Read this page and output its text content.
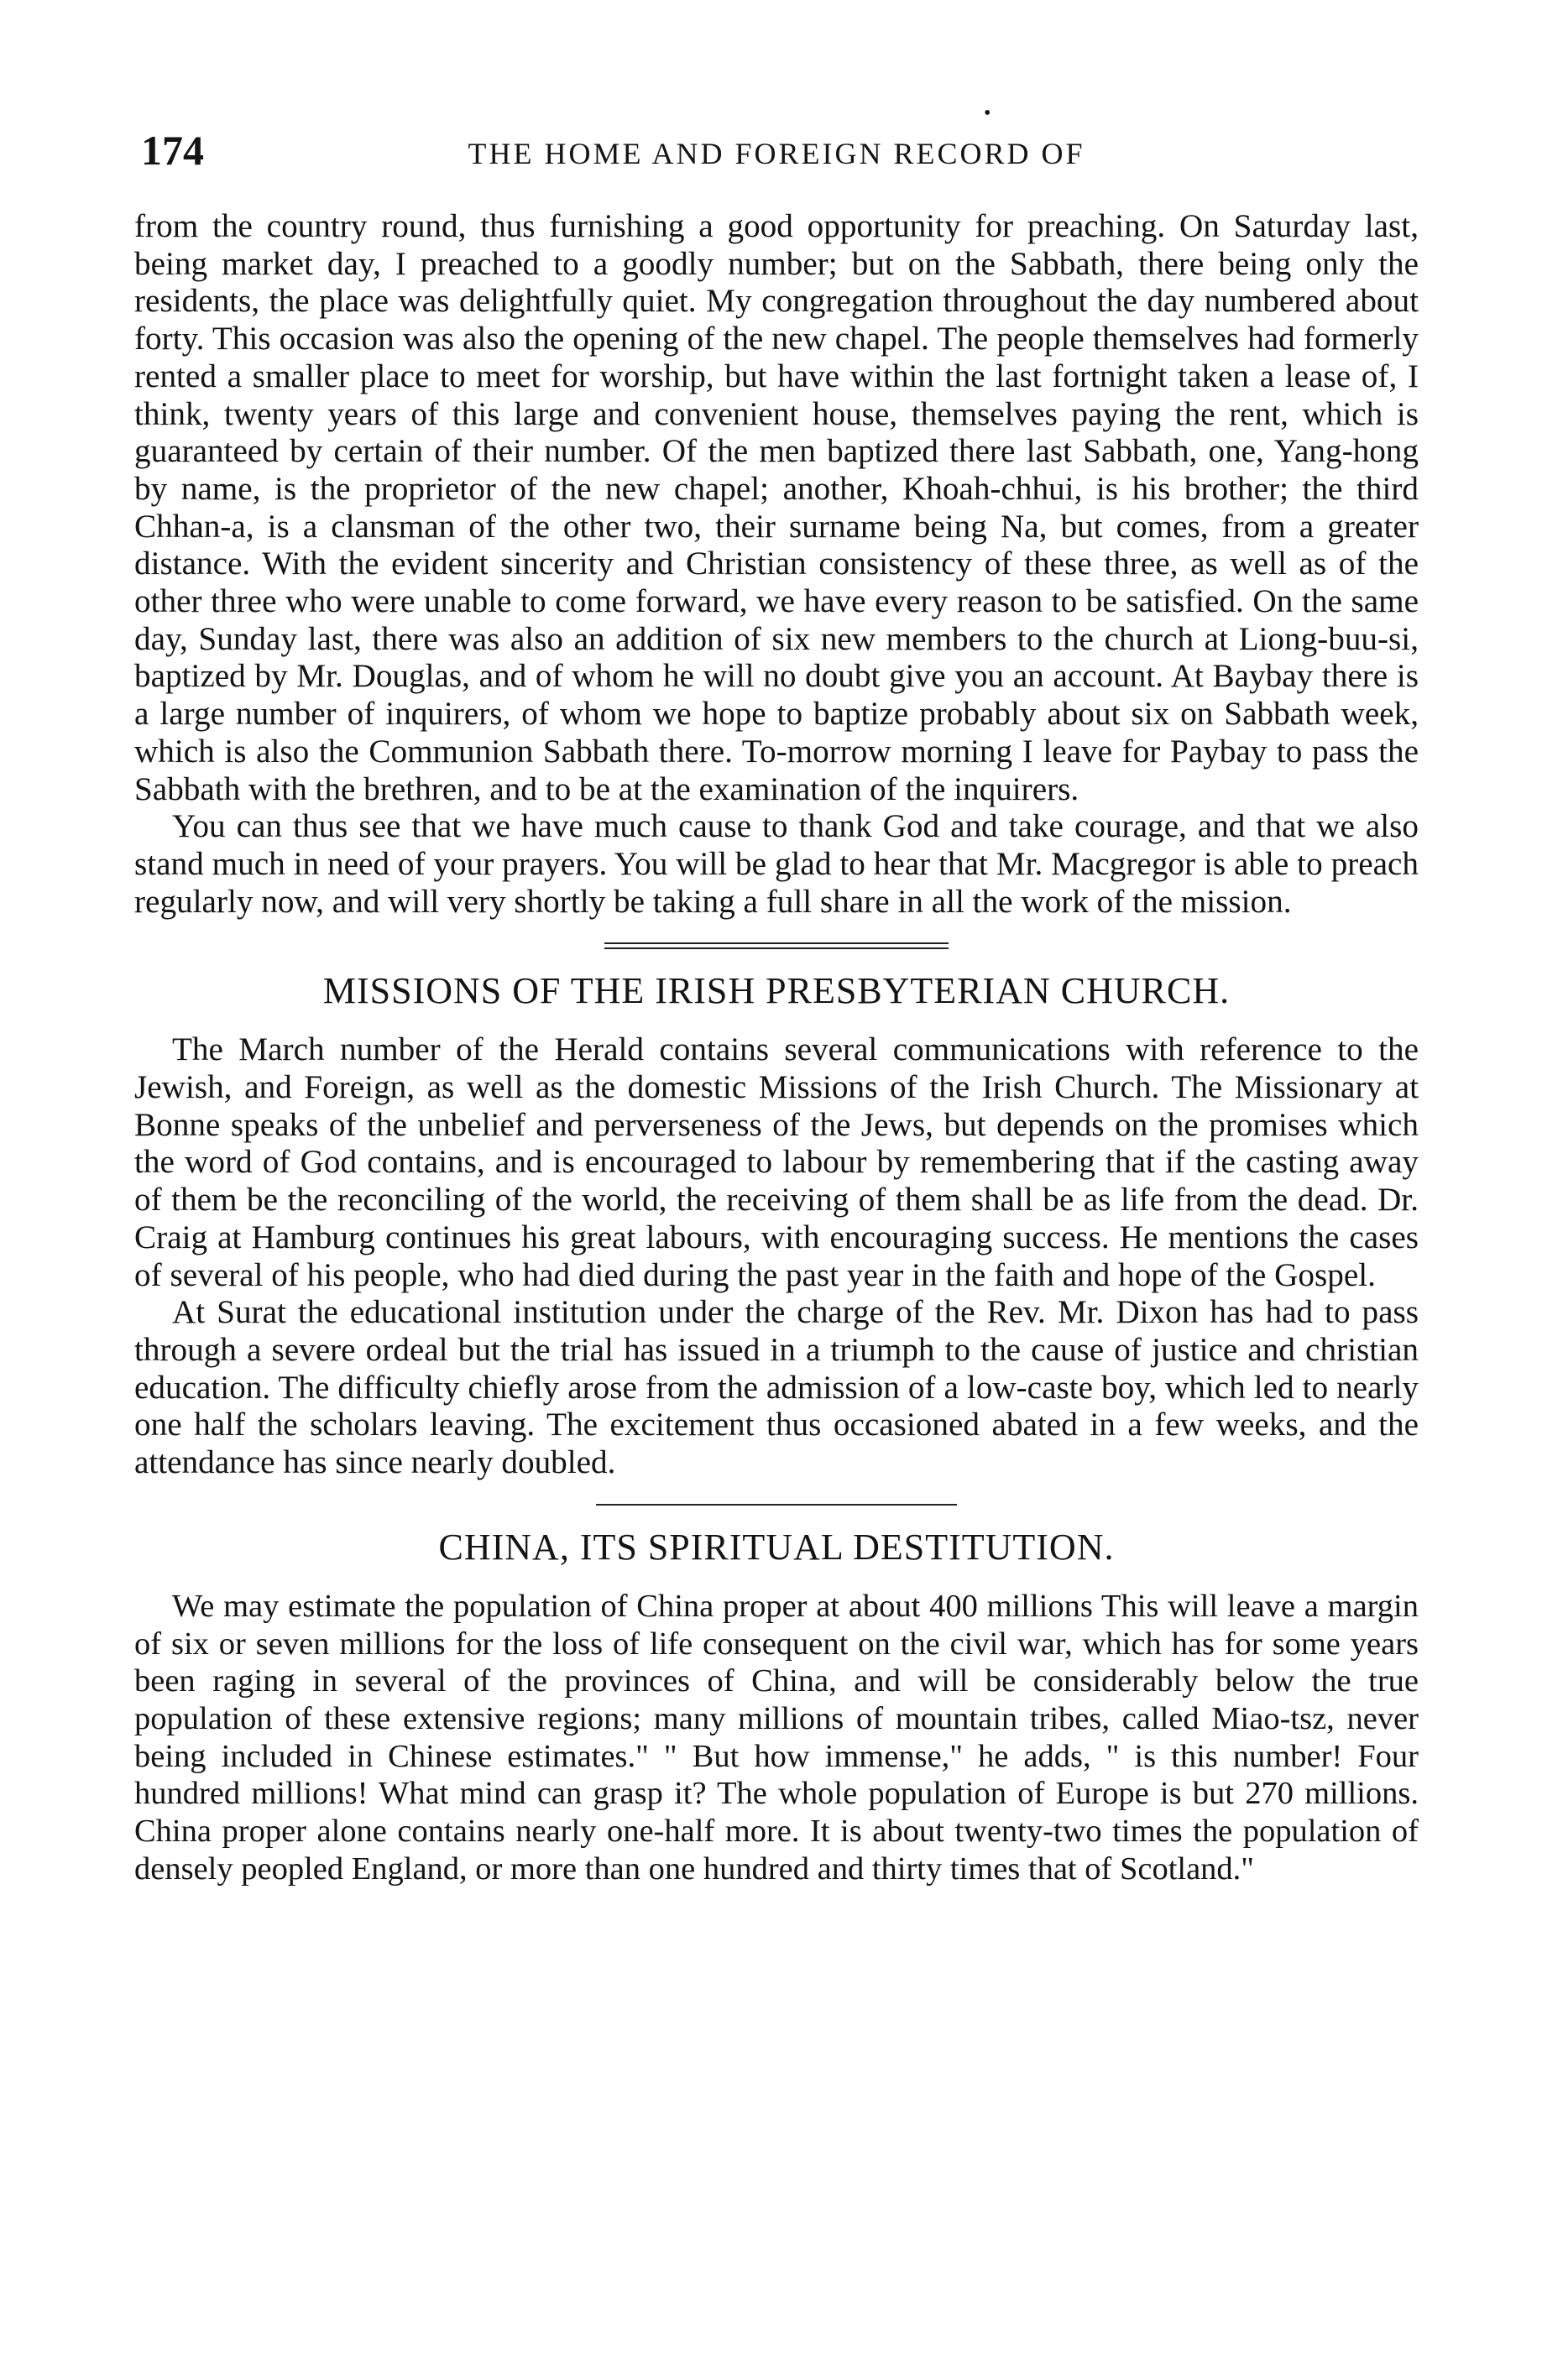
174
•
THE HOME AND FOREIGN RECORD OF

from the country round, thus furnishing a good opportunity for preaching. On Saturday last, being market day, I preached to a goodly number; but on the Sabbath, there being only the residents, the place was delightfully quiet. My congregation throughout the day numbered about forty. This occasion was also the opening of the new chapel. The people themselves had formerly rented a smaller place to meet for worship, but have within the last fortnight taken a lease of, I think, twenty years of this large and convenient house, themselves paying the rent, which is guaranteed by certain of their number. Of the men baptized there last Sabbath, one, Yang-hong by name, is the proprietor of the new chapel; another, Khoah-chhui, is his brother; the third Chhan-a, is a clansman of the other two, their surname being Na, but comes, from a greater distance. With the evident sincerity and Christian consistency of these three, as well as of the other three who were unable to come forward, we have every reason to be satisfied. On the same day, Sunday last, there was also an addition of six new members to the church at Liong-buu-si, baptized by Mr. Douglas, and of whom he will no doubt give you an account. At Baybay there is a large number of inquirers, of whom we hope to baptize probably about six on Sabbath week, which is also the Communion Sabbath there. To-morrow morning I leave for Paybay to pass the Sabbath with the brethren, and to be at the examination of the inquirers.

You can thus see that we have much cause to thank God and take courage, and that we also stand much in need of your prayers. You will be glad to hear that Mr. Macgregor is able to preach regularly now, and will very shortly be taking a full share in all the work of the mission.

MISSIONS OF THE IRISH PRESBYTERIAN CHURCH.

The March number of the Herald contains several communications with reference to the Jewish, and Foreign, as well as the domestic Missions of the Irish Church. The Missionary at Bonne speaks of the unbelief and perverseness of the Jews, but depends on the promises which the word of God contains, and is encouraged to labour by remembering that if the casting away of them be the reconciling of the world, the receiving of them shall be as life from the dead. Dr. Craig at Hamburg continues his great labours, with encouraging success. He mentions the cases of several of his people, who had died during the past year in the faith and hope of the Gospel.

At Surat the educational institution under the charge of the Rev. Mr. Dixon has had to pass through a severe ordeal but the trial has issued in a triumph to the cause of justice and christian education. The difficulty chiefly arose from the admission of a low-caste boy, which led to nearly one half the scholars leaving. The excitement thus occasioned abated in a few weeks, and the attendance has since nearly doubled.

CHINA, ITS SPIRITUAL DESTITUTION.

We may estimate the population of China proper at about 400 millions This will leave a margin of six or seven millions for the loss of life consequent on the civil war, which has for some years been raging in several of the provinces of China, and will be considerably below the true population of these extensive regions; many millions of mountain tribes, called Miao-tsz, never being included in Chinese estimates." " But how immense," he adds, " is this number! Four hundred millions! What mind can grasp it? The whole population of Europe is but 270 millions. China proper alone contains nearly one-half more. It is about twenty-two times the population of densely peopled England, or more than one hundred and thirty times that of Scotland."
